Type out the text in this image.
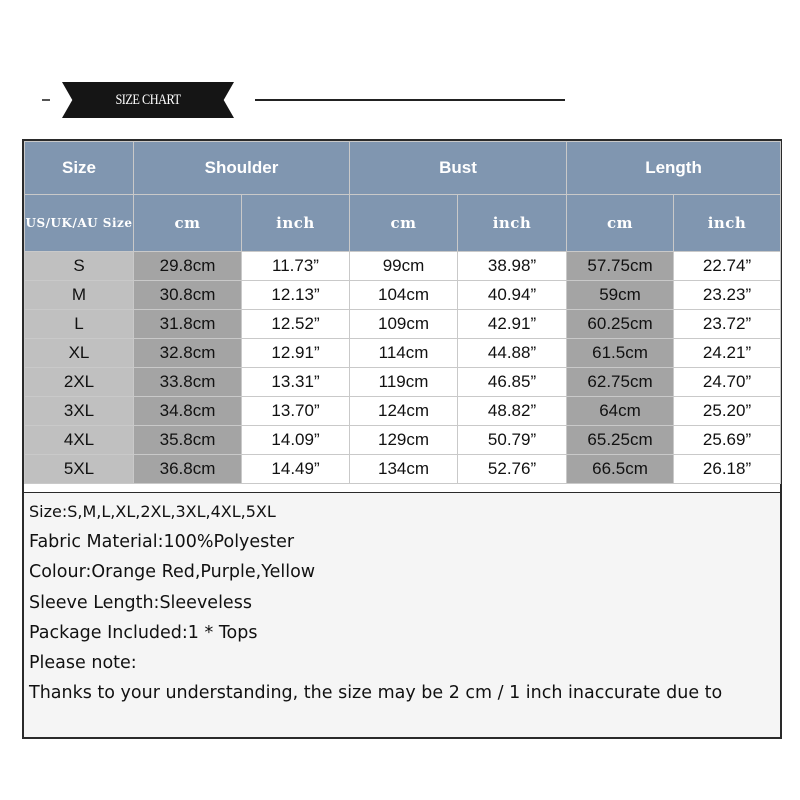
SIZE CHART
Size	Shoulder		Bust		Length	
US/UK/AU Size	cm	inch	cm	inch	cm	inch
S	29.8cm	11.73”	99cm	38.98”	57.75cm	22.74”
M	30.8cm	12.13”	104cm	40.94”	59cm	23.23”
L	31.8cm	12.52”	109cm	42.91”	60.25cm	23.72”
XL	32.8cm	12.91”	114cm	44.88”	61.5cm	24.21”
2XL	33.8cm	13.31”	119cm	46.85”	62.75cm	24.70”
3XL	34.8cm	13.70”	124cm	48.82”	64cm	25.20”
4XL	35.8cm	14.09”	129cm	50.79”	65.25cm	25.69”
5XL	36.8cm	14.49”	134cm	52.76”	66.5cm	26.18”

Size:S,M,L,XL,2XL,3XL,4XL,5XL

Fabric Material:100%Polyester

Colour:Orange Red,Purple,Yellow

Sleeve Length:Sleeveless

Package Included:1 * Tops

Please note:

Thanks to your understanding, the size may be 2 cm / 1 inch inaccurate due to
